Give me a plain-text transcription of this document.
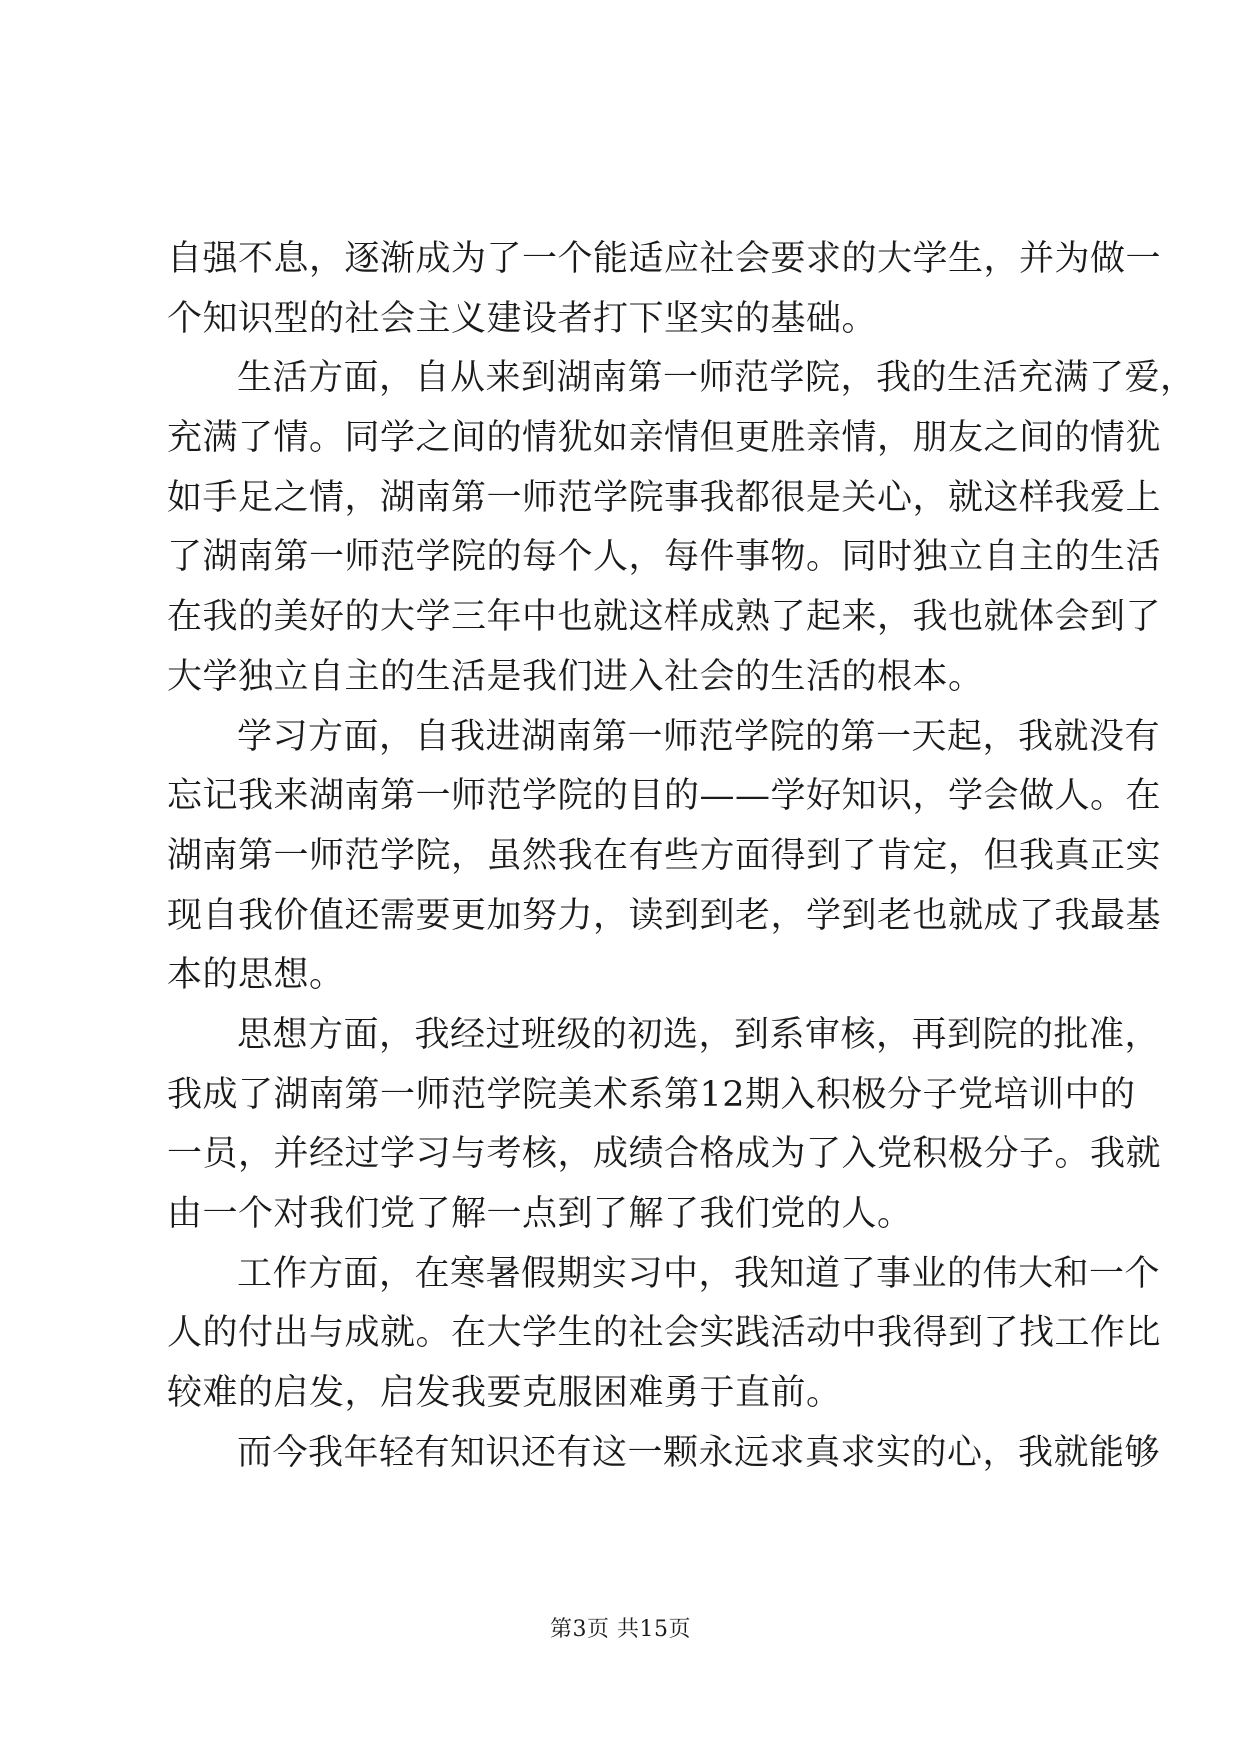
自强不息，逐渐成为了一个能适应社会要求的大学生，并为做一
个知识型的社会主义建设者打下坚实的基础。
生活方面，自从来到湖南第一师范学院，我的生活充满了爱，
充满了情。同学之间的情犹如亲情但更胜亲情，朋友之间的情犹
如手足之情，湖南第一师范学院事我都很是关心，就这样我爱上
了湖南第一师范学院的每个人，每件事物。同时独立自主的生活
在我的美好的大学三年中也就这样成熟了起来，我也就体会到了
大学独立自主的生活是我们进入社会的生活的根本。
学习方面，自我进湖南第一师范学院的第一天起，我就没有
忘记我来湖南第一师范学院的目的——学好知识，学会做人。在
湖南第一师范学院，虽然我在有些方面得到了肯定，但我真正实
现自我价值还需要更加努力，读到到老，学到老也就成了我最基
本的思想。
思想方面，我经过班级的初选，到系审核，再到院的批准，
我成了湖南第一师范学院美术系第12期入积极分子党培训中的
一员，并经过学习与考核，成绩合格成为了入党积极分子。我就
由一个对我们党了解一点到了解了我们党的人。
工作方面，在寒暑假期实习中，我知道了事业的伟大和一个
人的付出与成就。在大学生的社会实践活动中我得到了找工作比
较难的启发，启发我要克服困难勇于直前。
而今我年轻有知识还有这一颗永远求真求实的心，我就能够
第3页 共15页
